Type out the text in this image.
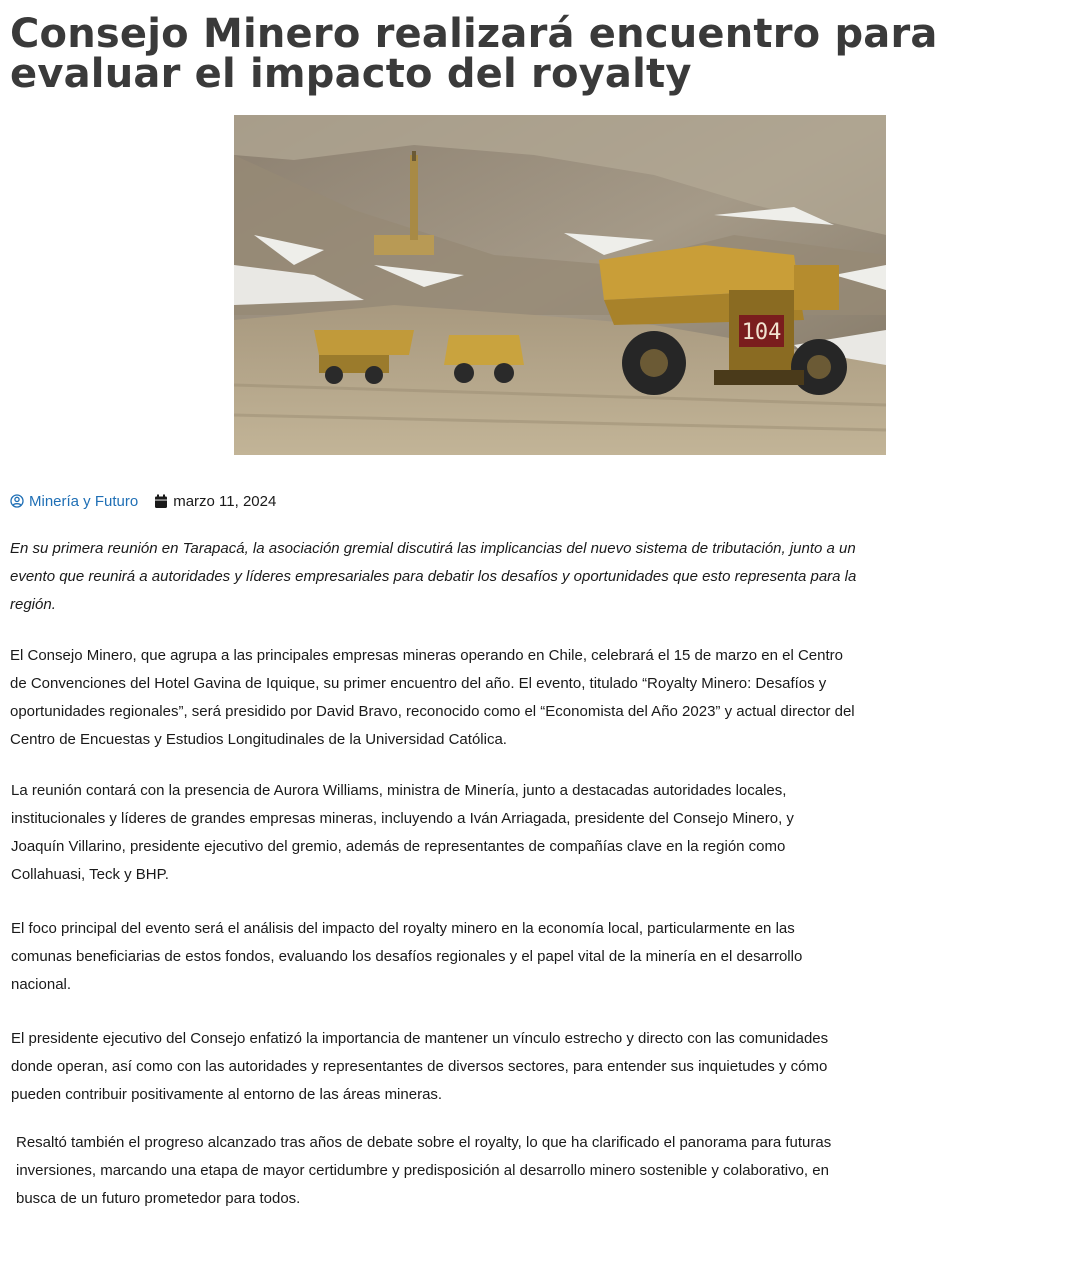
Consejo Minero realizará encuentro para evaluar el impacto del royalty
104
Minería y Futuro marzo 11, 2024

En su primera reunión en Tarapacá, la asociación gremial discutirá las implicancias del nuevo sistema de tributación, junto a un evento que reunirá a autoridades y líderes empresariales para debatir los desafíos y oportunidades que esto representa para la región.

El Consejo Minero, que agrupa a las principales empresas mineras operando en Chile, celebrará el 15 de marzo en el Centro de Convenciones del Hotel Gavina de Iquique, su primer encuentro del año. El evento, titulado “Royalty Minero: Desafíos y oportunidades regionales”, será presidido por David Bravo, reconocido como el “Economista del Año 2023” y actual director del Centro de Encuestas y Estudios Longitudinales de la Universidad Católica.

La reunión contará con la presencia de Aurora Williams, ministra de Minería, junto a destacadas autoridades locales, institucionales y líderes de grandes empresas mineras, incluyendo a Iván Arriagada, presidente del Consejo Minero, y Joaquín Villarino, presidente ejecutivo del gremio, además de representantes de compañías clave en la región como Collahuasi, Teck y BHP.

El foco principal del evento será el análisis del impacto del royalty minero en la economía local, particularmente en las comunas beneficiarias de estos fondos, evaluando los desafíos regionales y el papel vital de la minería en el desarrollo nacional.

El presidente ejecutivo del Consejo enfatizó la importancia de mantener un vínculo estrecho y directo con las comunidades donde operan, así como con las autoridades y representantes de diversos sectores, para entender sus inquietudes y cómo pueden contribuir positivamente al entorno de las áreas mineras.

Resaltó también el progreso alcanzado tras años de debate sobre el royalty, lo que ha clarificado el panorama para futuras inversiones, marcando una etapa de mayor certidumbre y predisposición al desarrollo minero sostenible y colaborativo, en busca de un futuro prometedor para todos.
